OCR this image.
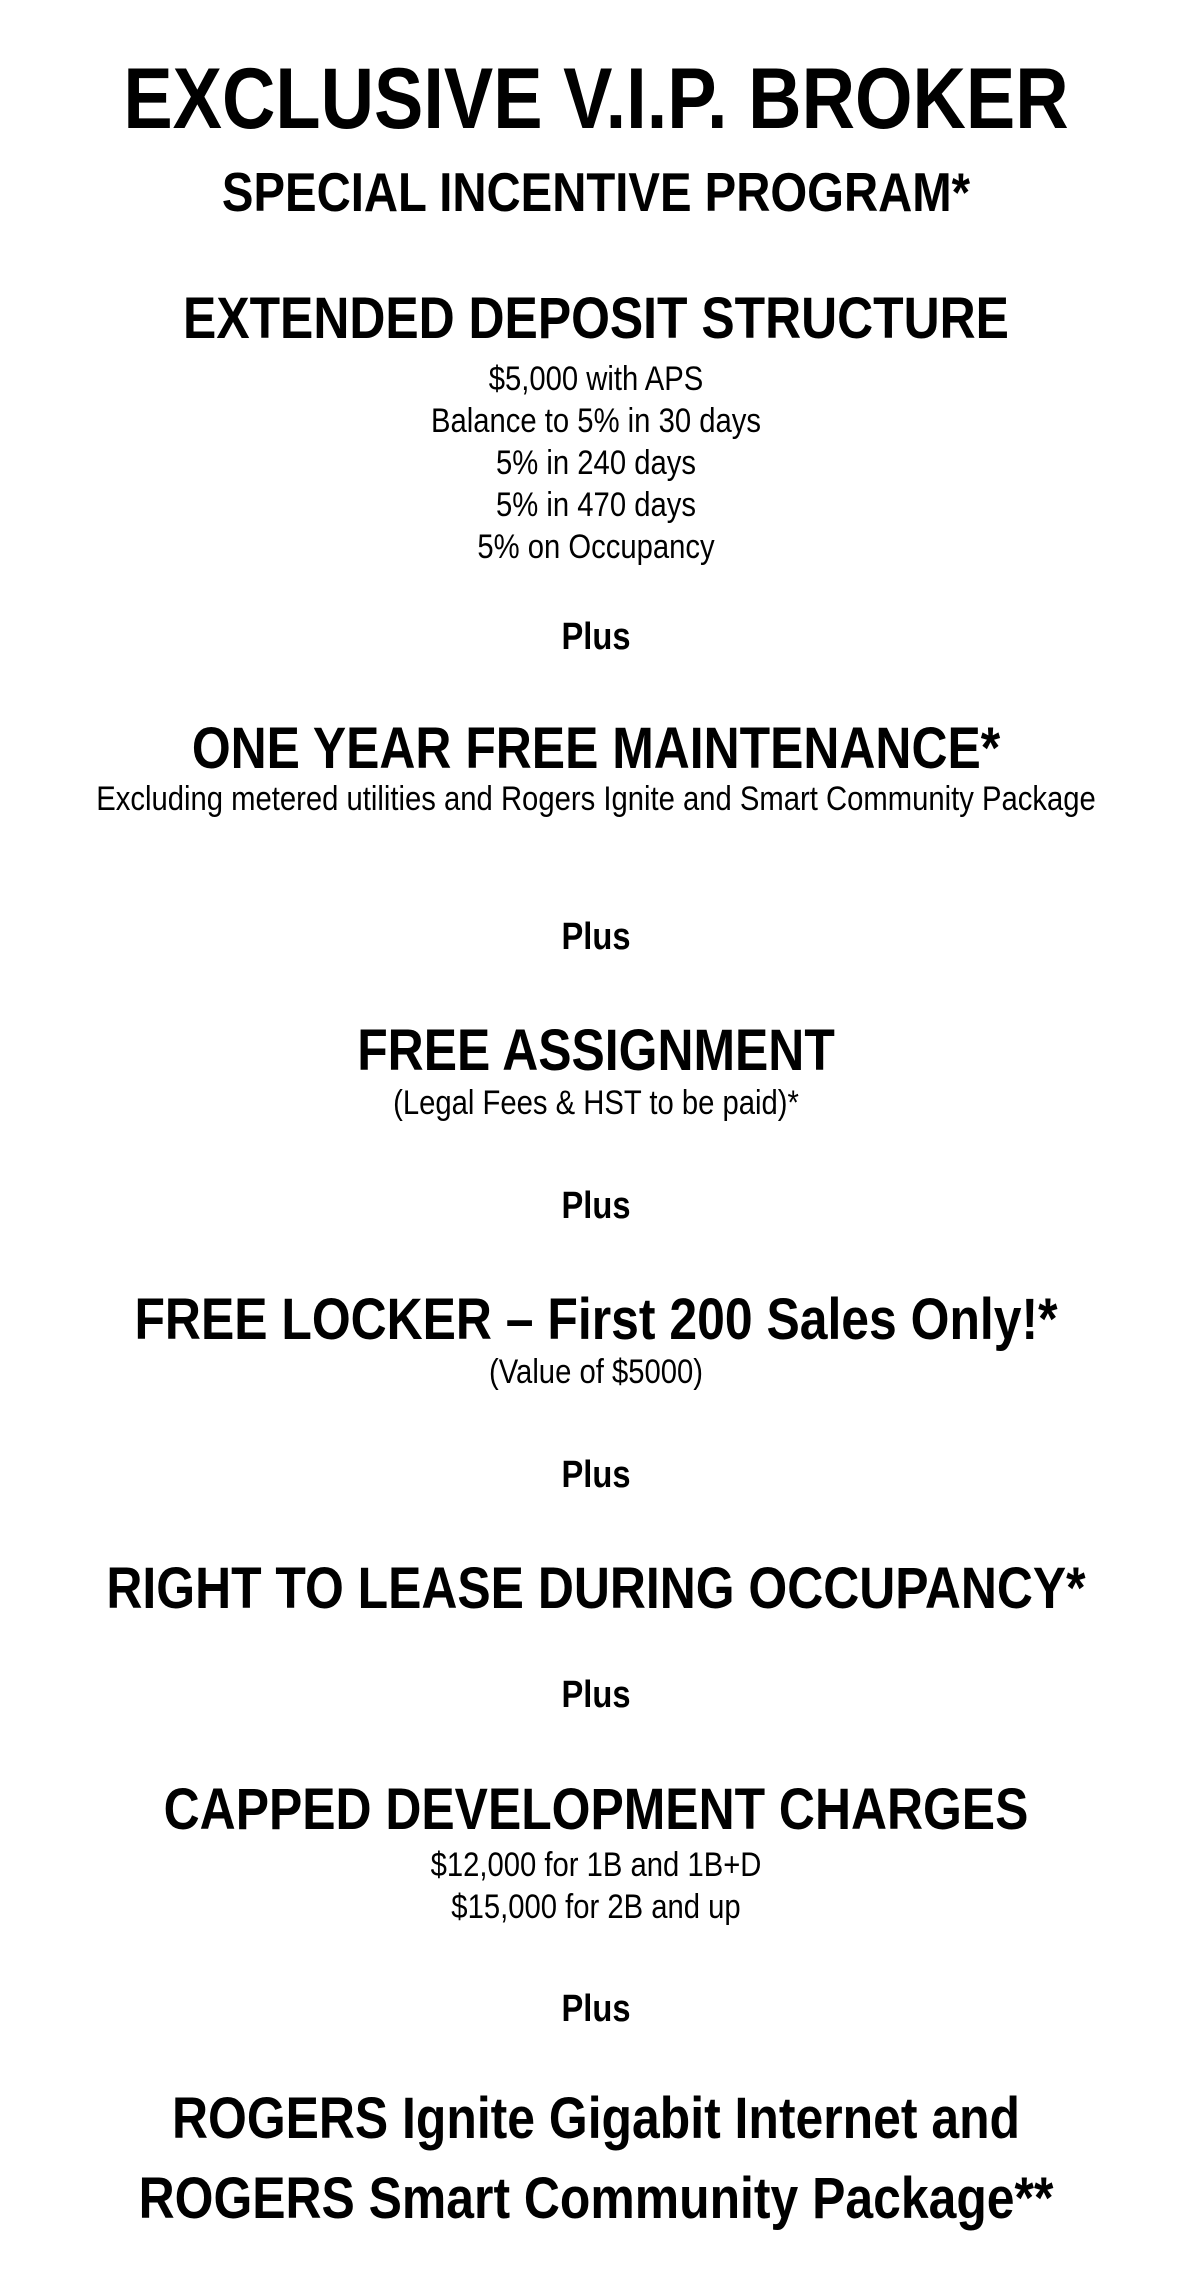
EXCLUSIVE V.I.P. BROKER
SPECIAL INCENTIVE PROGRAM*
EXTENDED DEPOSIT STRUCTURE
$5,000 with APS
Balance to 5% in 30 days
5% in 240 days
5% in 470 days
5% on Occupancy
Plus
ONE YEAR FREE MAINTENANCE*
Excluding metered utilities and Rogers Ignite and Smart Community Package
Plus
FREE ASSIGNMENT
(Legal Fees & HST to be paid)*
Plus
FREE LOCKER – First 200 Sales Only!*
(Value of $5000)
Plus
RIGHT TO LEASE DURING OCCUPANCY*
Plus
CAPPED DEVELOPMENT CHARGES
$12,000 for 1B and 1B+D
$15,000 for 2B and up
Plus
ROGERS Ignite Gigabit Internet and
ROGERS Smart Community Package**
